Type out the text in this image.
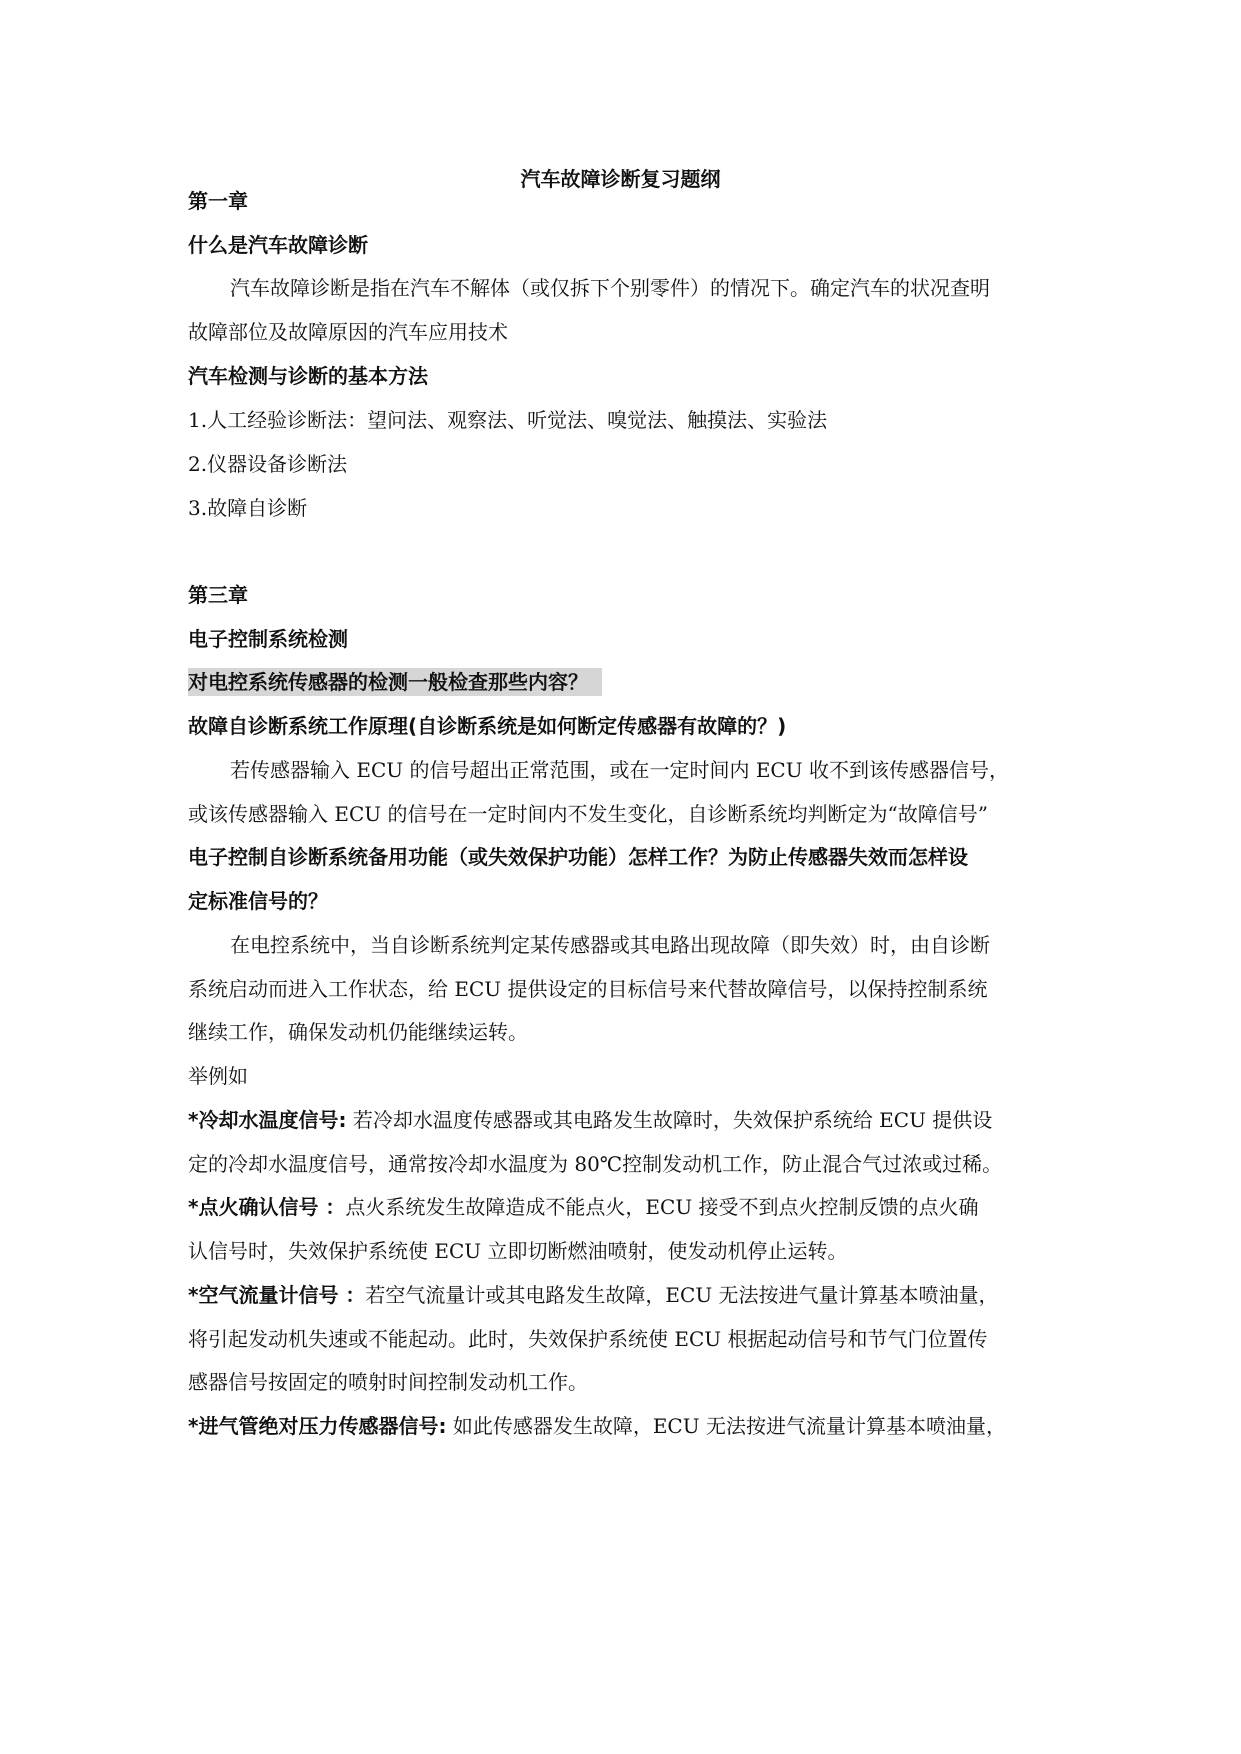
汽车故障诊断复习题纲
第一章
什么是汽车故障诊断
汽车故障诊断是指在汽车不解体（或仅拆下个别零件）的情况下。确定汽车的状况查明
故障部位及故障原因的汽车应用技术
汽车检测与诊断的基本方法
1.人工经验诊断法：望问法、观察法、听觉法、嗅觉法、触摸法、实验法
2.仪器设备诊断法
3.故障自诊断
第三章
电子控制系统检测
对电控系统传感器的检测一般检查那些内容？
故障自诊断系统工作原理(自诊断系统是如何断定传感器有故障的？)
若传感器输入 ECU 的信号超出正常范围，或在一定时间内 ECU 收不到该传感器信号，
或该传感器输入 ECU 的信号在一定时间内不发生变化，自诊断系统均判断定为“故障信号”
电子控制自诊断系统备用功能（或失效保护功能）怎样工作？为防止传感器失效而怎样设
定标准信号的？
在电控系统中，当自诊断系统判定某传感器或其电路出现故障（即失效）时，由自诊断
系统启动而进入工作状态，给 ECU 提供设定的目标信号来代替故障信号，以保持控制系统
继续工作，确保发动机仍能继续运转。
举例如
*冷却水温度信号: 若冷却水温度传感器或其电路发生故障时，失效保护系统给 ECU 提供设
定的冷却水温度信号，通常按冷却水温度为 80℃控制发动机工作，防止混合气过浓或过稀。
*点火确认信号 ：点火系统发生故障造成不能点火，ECU 接受不到点火控制反馈的点火确
认信号时，失效保护系统使 ECU 立即切断燃油喷射，使发动机停止运转。
*空气流量计信号 ：若空气流量计或其电路发生故障，ECU 无法按进气量计算基本喷油量，
将引起发动机失速或不能起动。此时，失效保护系统使 ECU 根据起动信号和节气门位置传
感器信号按固定的喷射时间控制发动机工作。
*进气管绝对压力传感器信号: 如此传感器发生故障，ECU 无法按进气流量计算基本喷油量，
